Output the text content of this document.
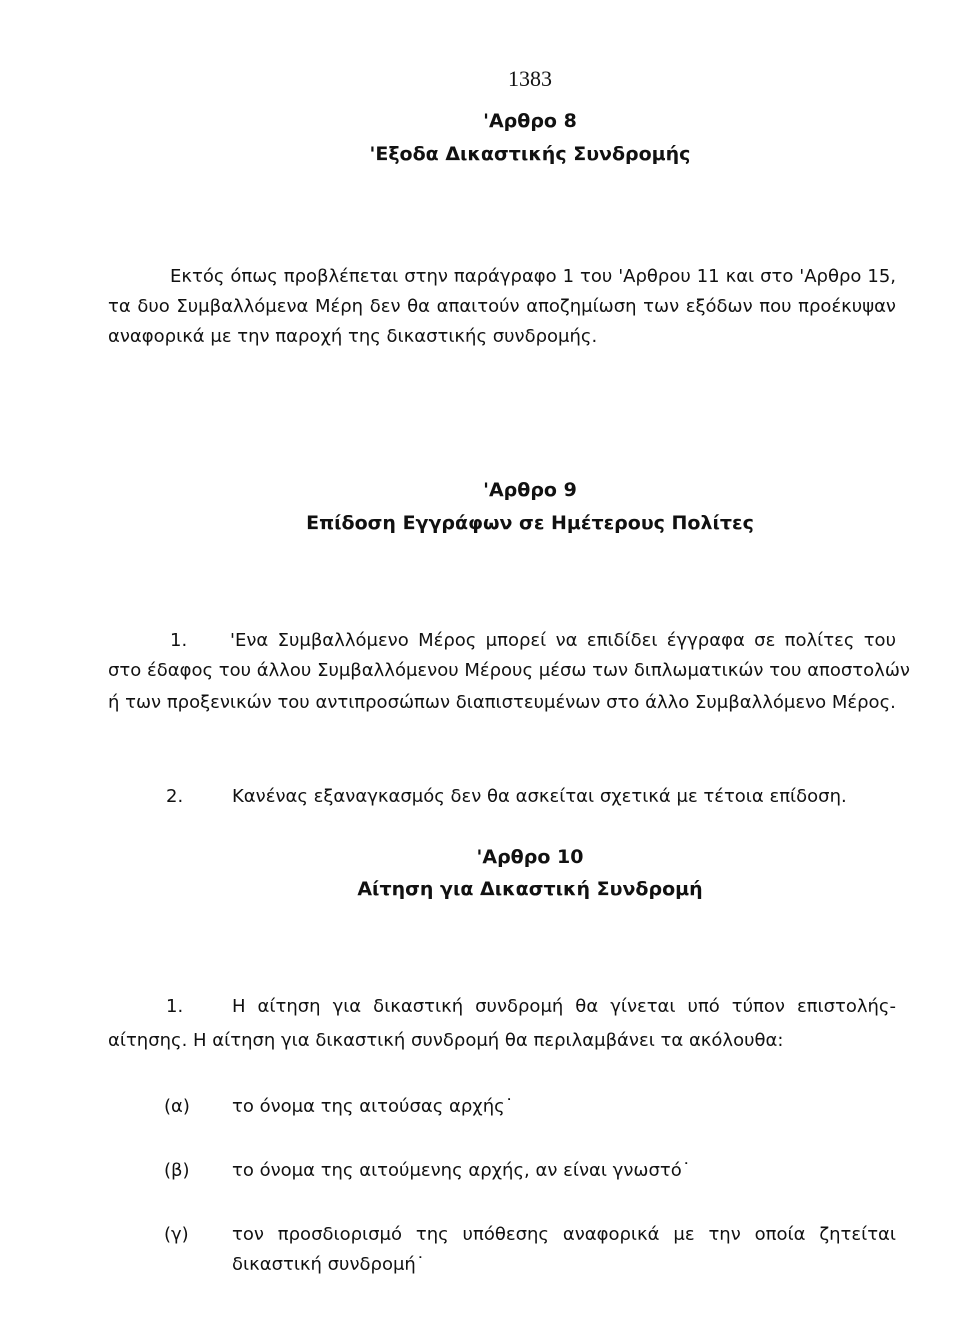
1383
'Αρθρο 8
'Εξοδα Δικαστικής Συνδρομής
Εκτός όπως προβλέπεται στην παράγραφο 1 του 'Αρθρου 11 και στο 'Αρθρο 15,
τα δυο Συμβαλλόμενα Μέρη δεν θα απαιτούν αποζημίωση των εξόδων που προέκυψαν
αναφορικά με την παροχή της δικαστικής συνδρομής.
'Αρθρο 9
Επίδοση Εγγράφων σε Ημέτερους Πολίτες
1. 'Ενα Συμβαλλόμενο Μέρος μπορεί να επιδίδει έγγραφα σε πολίτες του
στο έδαφος του άλλου Συμβαλλόμενου Μέρους μέσω των διπλωματικών του αποστολών
ή των προξενικών του αντιπροσώπων διαπιστευμένων στο άλλο Συμβαλλόμενο Μέρος.
2.	Κανένας εξαναγκασμός δεν θα ασκείται σχετικά με τέτοια επίδοση.
'Αρθρο 10
Αίτηση για Δικαστική Συνδρομή
1.	Η αίτηση για δικαστική συνδρομή θα γίνεται υπό τύπον επιστολής-
αίτησης. Η αίτηση για δικαστική συνδρομή θα περιλαμβάνει τα ακόλουθα:
(α) το όνομα της αιτούσας αρχής˙
(β) το όνομα της αιτούμενης αρχής, αν είναι γνωστό˙
(γ) τον προσδιορισμό της υπόθεσης αναφορικά με την οποία ζητείται
δικαστική συνδρομή˙
